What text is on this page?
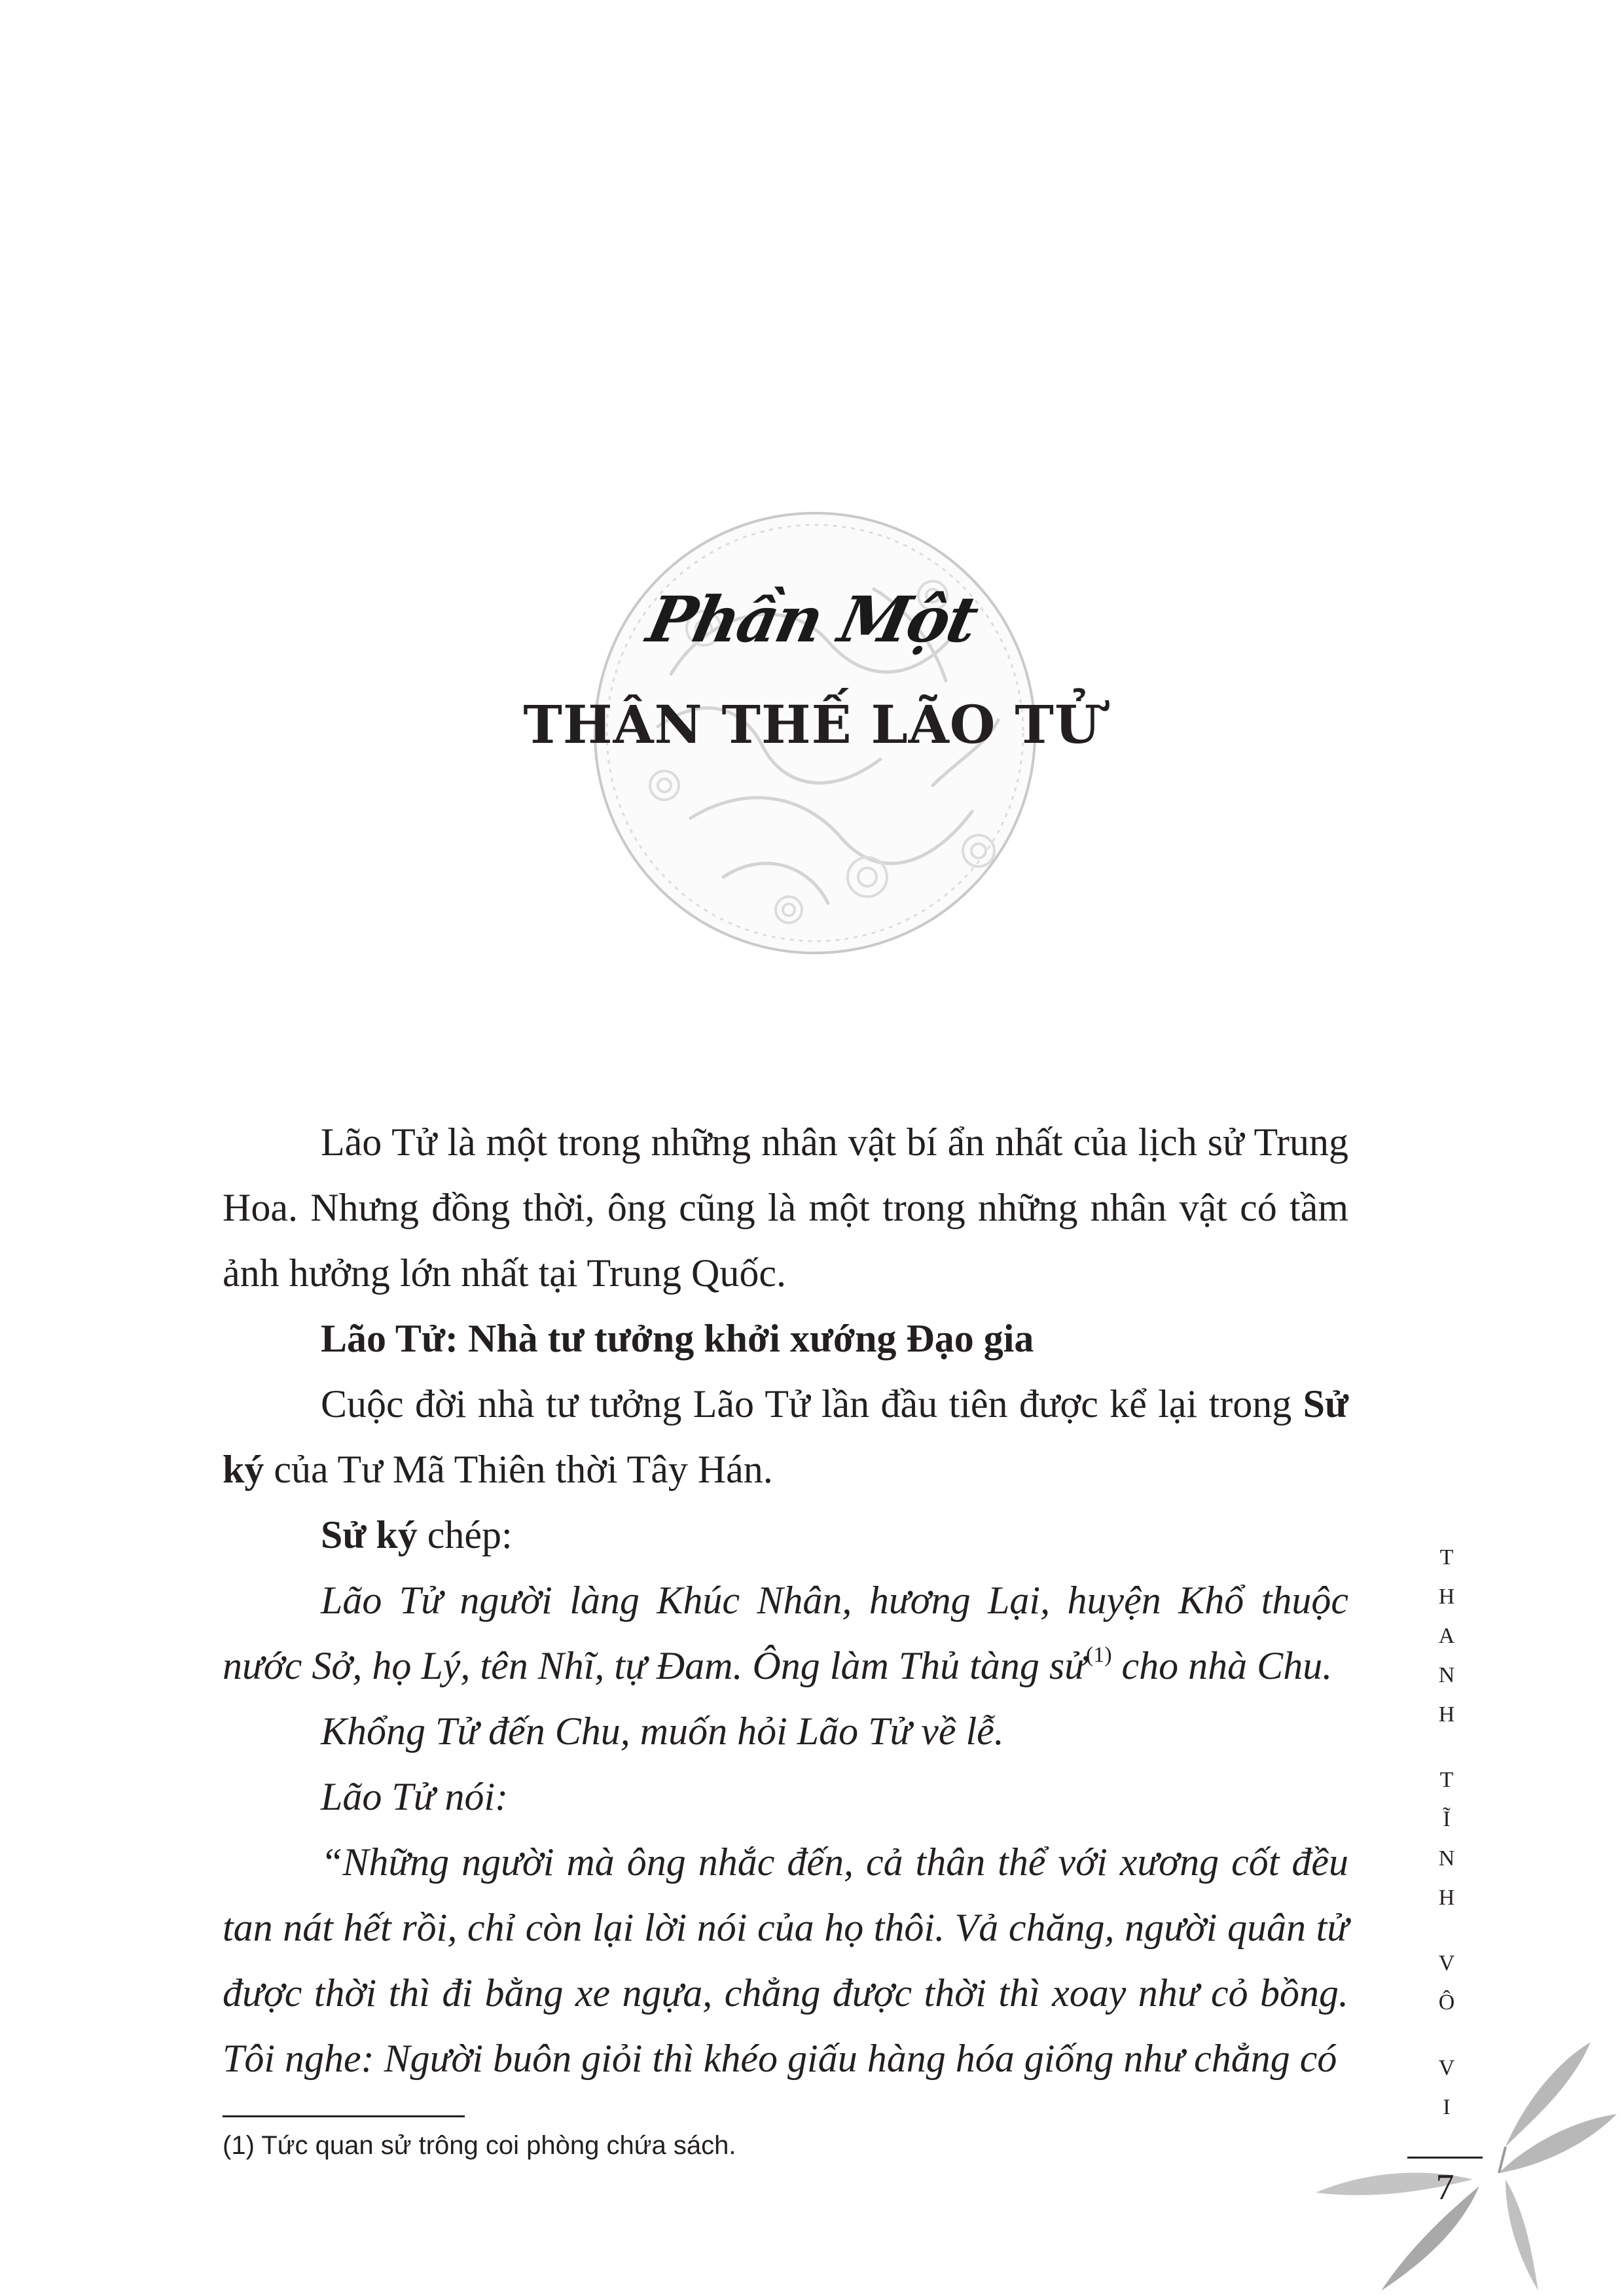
Phần Một
THÂN THẾ LÃO TỬ

Lão Tử là một trong những nhân vật bí ẩn nhất của lịch sử Trung Hoa. Nhưng đồng thời, ông cũng là một trong những nhân vật có tầm ảnh hưởng lớn nhất tại Trung Quốc.

Lão Tử: Nhà tư tưởng khởi xướng Đạo gia

Cuộc đời nhà tư tưởng Lão Tử lần đầu tiên được kể lại trong Sử ký của Tư Mã Thiên thời Tây Hán.

Sử ký chép:

Lão Tử người làng Khúc Nhân, hương Lại, huyện Khổ thuộc nước Sở, họ Lý, tên Nhĩ, tự Đam. Ông làm Thủ tàng sử$^{(1)}$ cho nhà Chu.

Khổng Tử đến Chu, muốn hỏi Lão Tử về lễ.

Lão Tử nói:

“Những người mà ông nhắc đến, cả thân thể với xương cốt đều tan nát hết rồi, chỉ còn lại lời nói của họ thôi. Vả chăng, người quân tử được thời thì đi bằng xe ngựa, chẳng được thời thì xoay như cỏ bồng. Tôi nghe: Người buôn giỏi thì khéo giấu hàng hóa giống như chẳng có

(1) Tức quan sử trông coi phòng chứa sách.
T
H
A
N
H
T
Ĩ
N
H
V
Ô
V
I
7
